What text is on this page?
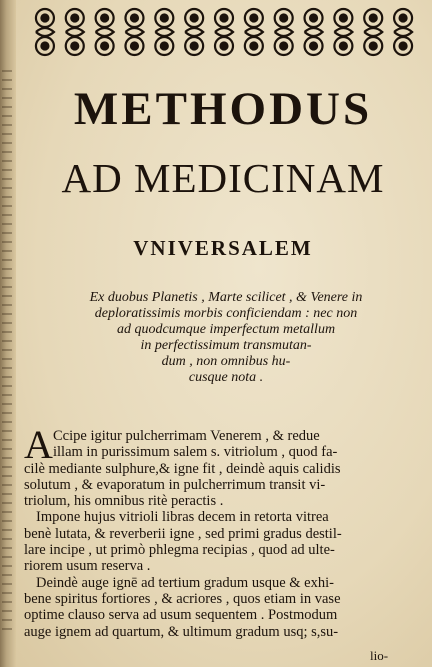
METHODUS
AD MEDICINAM
VNIVERSALEM
Ex duobus Planetis , Marte scilicet , & Venere in
deploratissimis morbis conficiendam : nec non
ad quodcumque imperfectum metallum
in perfectissimum transmutan-
dum , non omnibus hu-
cusque nota .
A Ccipe igitur pulcherrimam Venerem , & redue
illam in purissimum salem s. vitriolum , quod fa-
cilè mediante sulphure,& igne fit , deindè aquis calidis
solutum , & evaporatum in pulcherrimum transit vi-
triolum, his omnibus ritè peractis .
Impone hujus vitrioli libras decem in retorta vitrea
benè lutata, & reverberii igne , sed primi gradus destil-
lare incipe , ut primò phlegma recipias , quod ad ulte-
riorem usum reserva .
Deindè auge ignē ad tertium gradum usque & exhi-
bene spiritus fortiores , & acriores , quos etiam in vase
optime clauso serva ad usum sequentem . Postmodum
auge ignem ad quartum, & ultimum gradum usq; s,su-
lio-
